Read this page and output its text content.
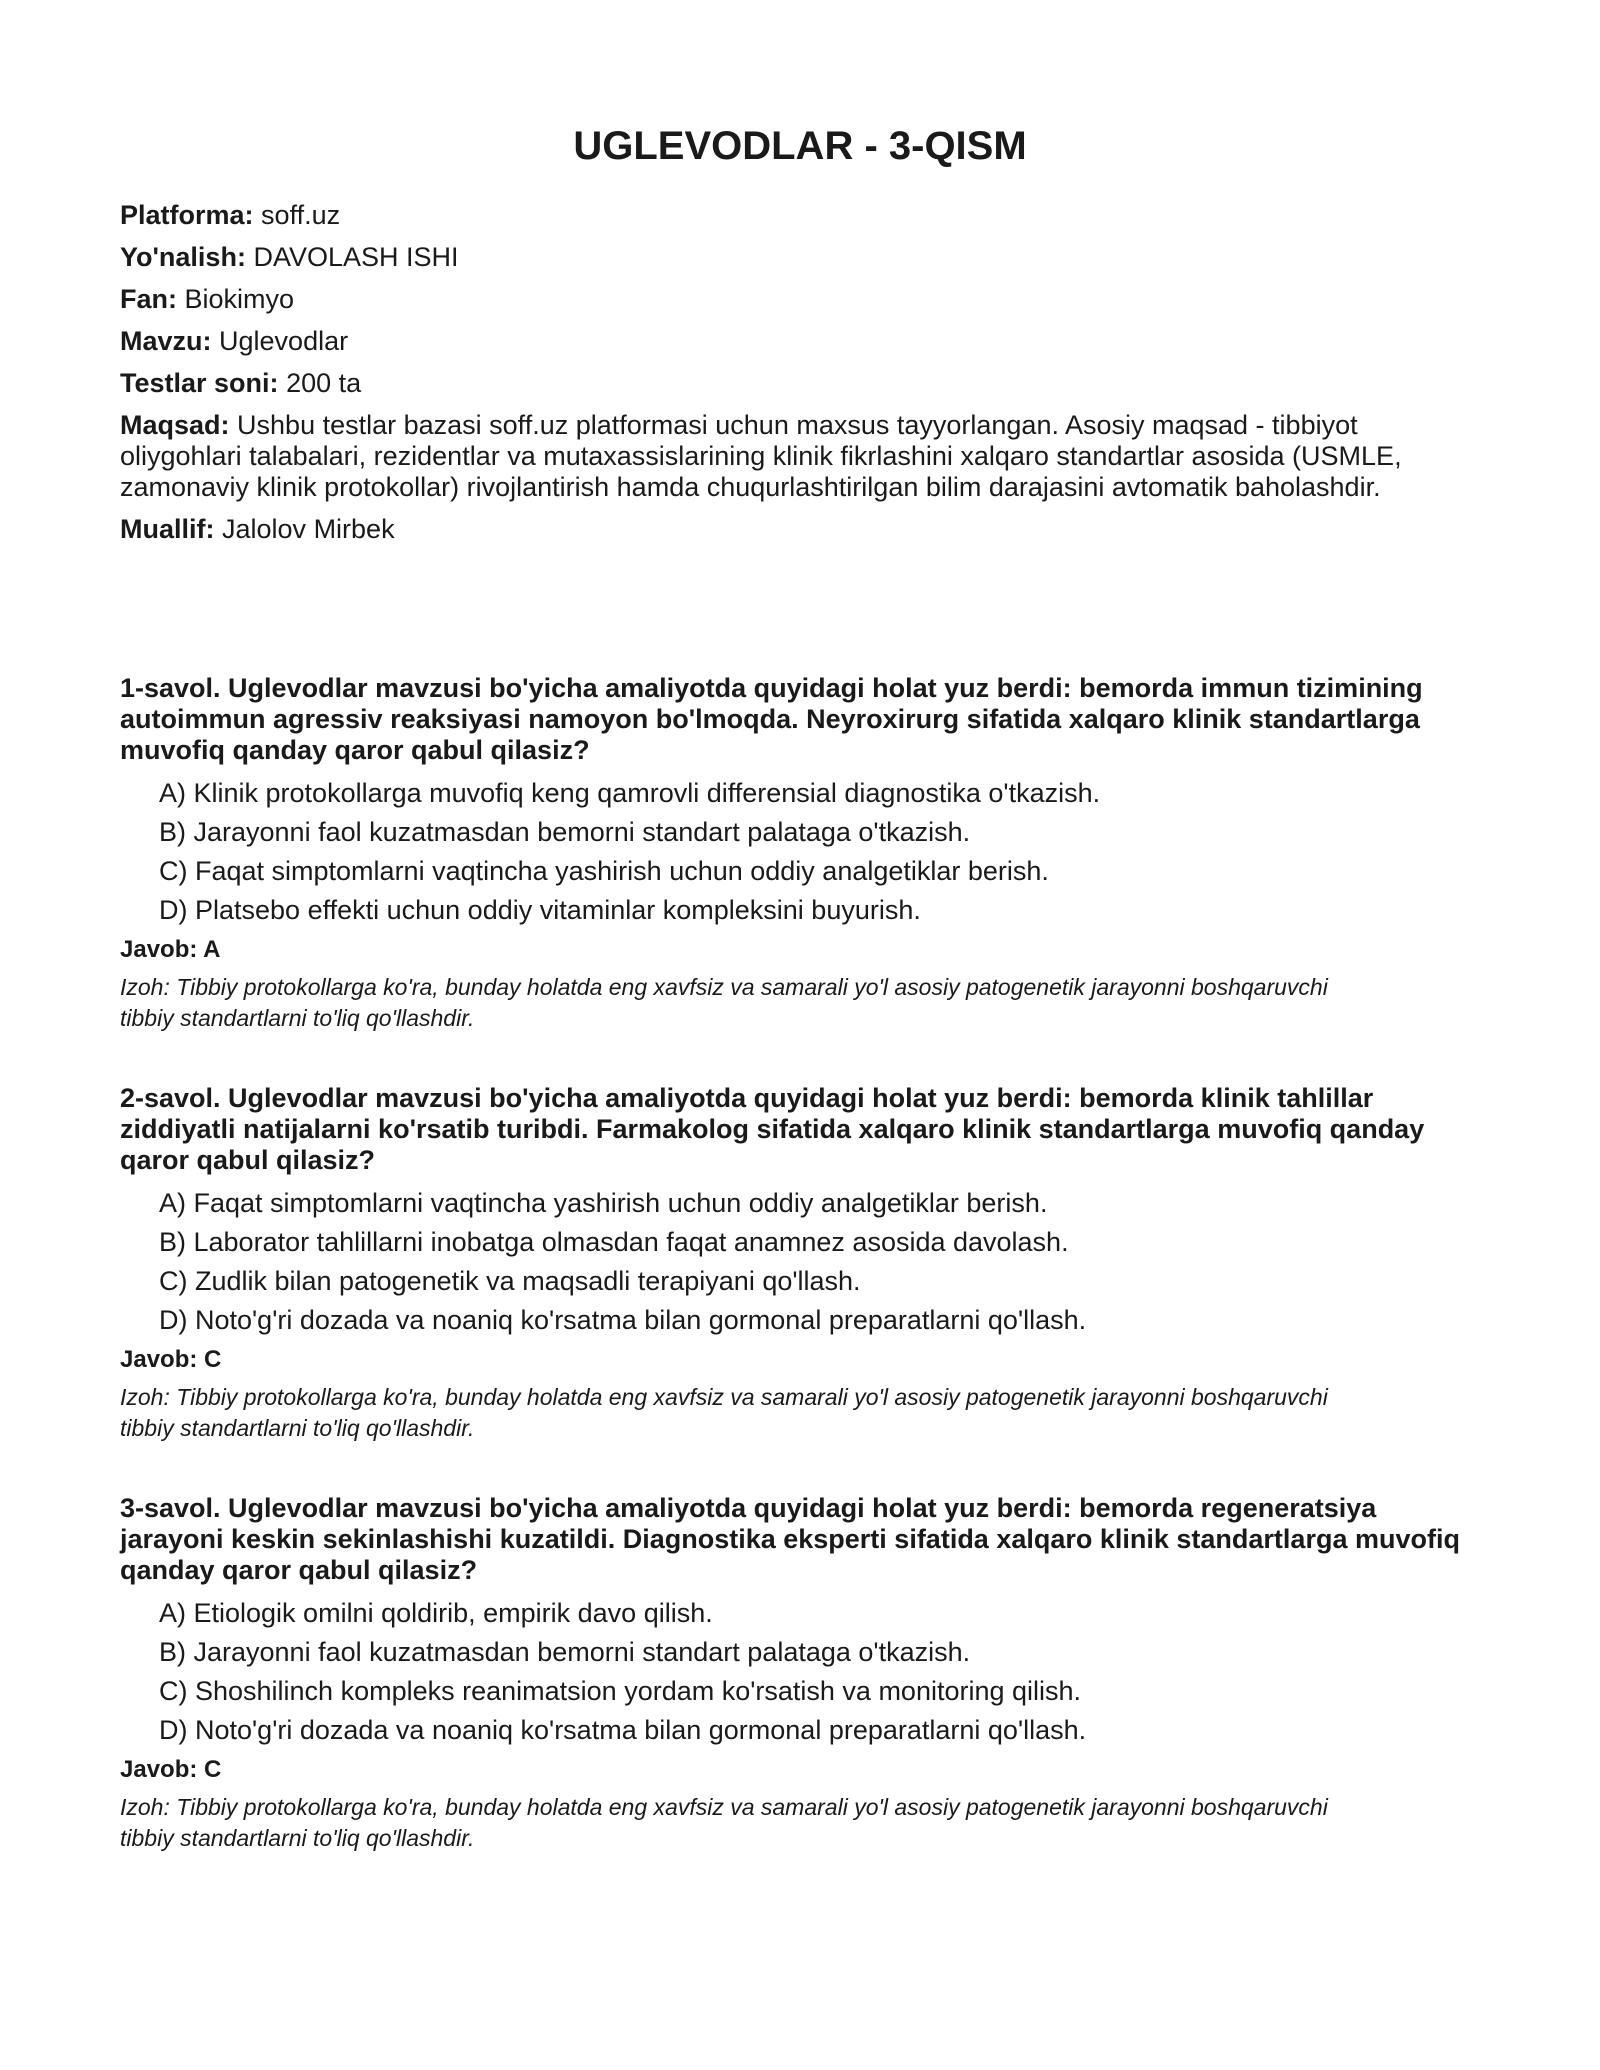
UGLEVODLAR - 3-QISM

Platforma: soff.uz

Yo'nalish: DAVOLASH ISHI

Fan: Biokimyo

Mavzu: Uglevodlar

Testlar soni: 200 ta

Maqsad: Ushbu testlar bazasi soff.uz platformasi uchun maxsus tayyorlangan. Asosiy maqsad - tibbiyot oliygohlari talabalari, rezidentlar va mutaxassislarining klinik fikrlashini xalqaro standartlar asosida (USMLE, zamonaviy klinik protokollar) rivojlantirish hamda chuqurlashtirilgan bilim darajasini avtomatik baholashdir.

Muallif: Jalolov Mirbek

1-savol. Uglevodlar mavzusi bo'yicha amaliyotda quyidagi holat yuz berdi: bemorda immun tizimining autoimmun agressiv reaksiyasi namoyon bo'lmoqda. Neyroxirurg sifatida xalqaro klinik standartlarga muvofiq qanday qaror qabul qilasiz?

A) Klinik protokollarga muvofiq keng qamrovli differensial diagnostika o'tkazish.
B) Jarayonni faol kuzatmasdan bemorni standart palataga o'tkazish.
C) Faqat simptomlarni vaqtincha yashirish uchun oddiy analgetiklar berish.
D) Platsebo effekti uchun oddiy vitaminlar kompleksini buyurish.

Javob: A

Izoh: Tibbiy protokollarga ko'ra, bunday holatda eng xavfsiz va samarali yo'l asosiy patogenetik jarayonni boshqaruvchi tibbiy standartlarni to'liq qo'llashdir.

2-savol. Uglevodlar mavzusi bo'yicha amaliyotda quyidagi holat yuz berdi: bemorda klinik tahlillar ziddiyatli natijalarni ko'rsatib turibdi. Farmakolog sifatida xalqaro klinik standartlarga muvofiq qanday qaror qabul qilasiz?

A) Faqat simptomlarni vaqtincha yashirish uchun oddiy analgetiklar berish.
B) Laborator tahlillarni inobatga olmasdan faqat anamnez asosida davolash.
C) Zudlik bilan patogenetik va maqsadli terapiyani qo'llash.
D) Noto'g'ri dozada va noaniq ko'rsatma bilan gormonal preparatlarni qo'llash.

Javob: C

Izoh: Tibbiy protokollarga ko'ra, bunday holatda eng xavfsiz va samarali yo'l asosiy patogenetik jarayonni boshqaruvchi tibbiy standartlarni to'liq qo'llashdir.

3-savol. Uglevodlar mavzusi bo'yicha amaliyotda quyidagi holat yuz berdi: bemorda regeneratsiya jarayoni keskin sekinlashishi kuzatildi. Diagnostika eksperti sifatida xalqaro klinik standartlarga muvofiq qanday qaror qabul qilasiz?

A) Etiologik omilni qoldirib, empirik davo qilish.
B) Jarayonni faol kuzatmasdan bemorni standart palataga o'tkazish.
C) Shoshilinch kompleks reanimatsion yordam ko'rsatish va monitoring qilish.
D) Noto'g'ri dozada va noaniq ko'rsatma bilan gormonal preparatlarni qo'llash.

Javob: C

Izoh: Tibbiy protokollarga ko'ra, bunday holatda eng xavfsiz va samarali yo'l asosiy patogenetik jarayonni boshqaruvchi tibbiy standartlarni to'liq qo'llashdir.
